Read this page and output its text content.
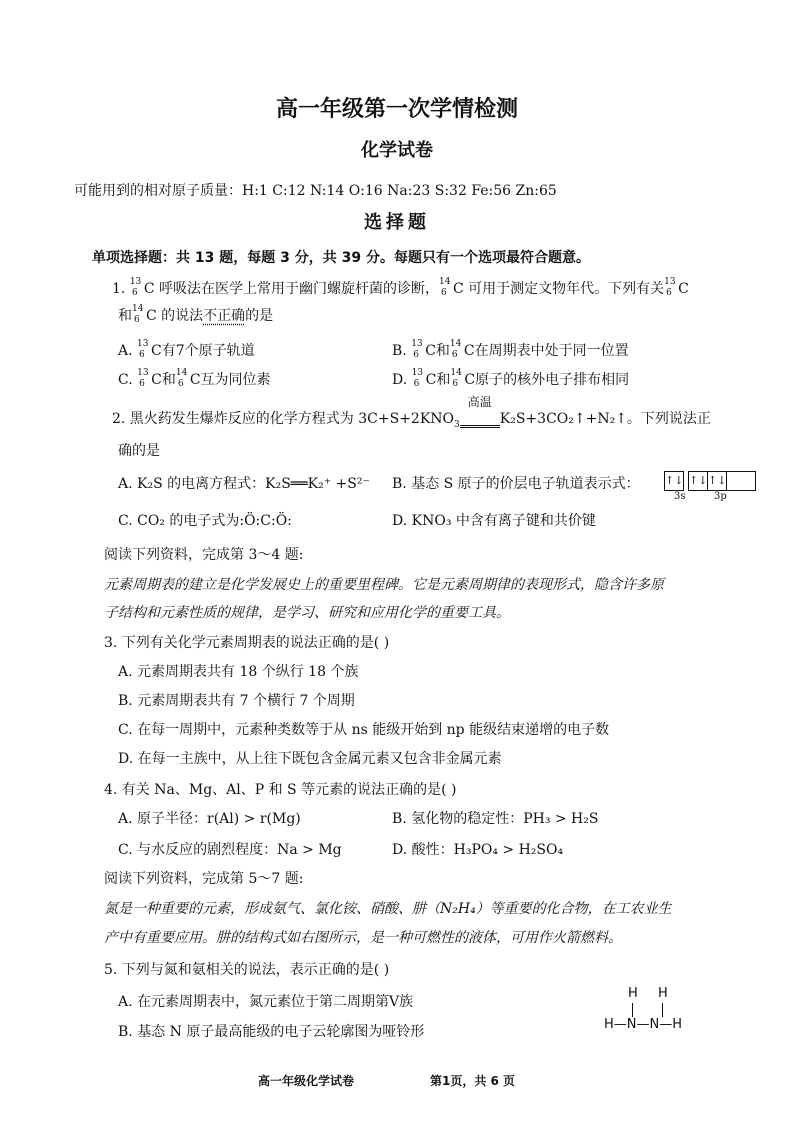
高一年级第一次学情检测
化学试卷
可能用到的相对原子质量：H:1 C:12 N:14 O:16 Na:23 S:32 Fe:56 Zn:65
选择题
单项选择题：共 13 题，每题 3 分，共 39 分。每题只有一个选项最符合题意。
1. 13
6 C 呼吸法在医学上常用于幽门螺旋杆菌的诊断， 14
6 C 可用于测定文物年代。下列有关 13
6 C
和 14
6 C 的说法不正确的是
A. 13
6 C有7个原子轨道	B. 13
6 C和 14
6 C在周期表中处于同一位置
C. 13
6 C和 14
6 C互为同位素	D. 13
6 C和 14
6 C原子的核外电子排布相同
2. 黑火药发生爆炸反应的化学方程式为 $3C+S+2KNO_3$
高温
K₂S+3CO₂↑+N₂↑。下列说法正
确的是
A. K₂S 的电离方程式：K₂S══K₂⁺ +S²⁻ B. 基态 S 原子的价层电子轨道表示式： ↑↓ ↑↓ ↑↓
3s	3p
C. CO₂ 的电子式为:Ö:C:Ö:	D. KNO₃ 中含有离子键和共价键
阅读下列资料，完成第 3～4 题:
元素周期表的建立是化学发展史上的重要里程碑。它是元素周期律的表现形式，隐含许多原
子结构和元素性质的规律，是学习、研究和应用化学的重要工具。
3. 下列有关化学元素周期表的说法正确的是( )
A. 元素周期表共有 18 个纵行 18 个族
B. 元素周期表共有 7 个横行 7 个周期
C. 在每一周期中，元素种类数等于从 ns 能级开始到 np 能级结束递增的电子数
D. 在每一主族中，从上往下既包含金属元素又包含非金属元素
4. 有关 Na、Mg、Al、P 和 S 等元素的说法正确的是( )
A. 原子半径：r(Al) > r(Mg)	B. 氢化物的稳定性：PH₃ > H₂S
C. 与水反应的剧烈程度：Na > Mg	D. 酸性：H₃PO₄ > H₂SO₄
阅读下列资料，完成第 5～7 题:
氮是一种重要的元素，形成氨气、氯化铵、硝酸、肼（N₂H₄）等重要的化合物，在工农业生
产中有重要应用。肼的结构式如右图所示，是一种可燃性的液体，可用作火箭燃料。
5. 下列与氮和氨相关的说法，表示正确的是( )
A. 在元素周期表中，氮元素位于第二周期第V族
B. 基态 N 原子最高能级的电子云轮廓图为哑铃形
H H
H—N—N—H
高一年级化学试卷	第1页，共 6 页
